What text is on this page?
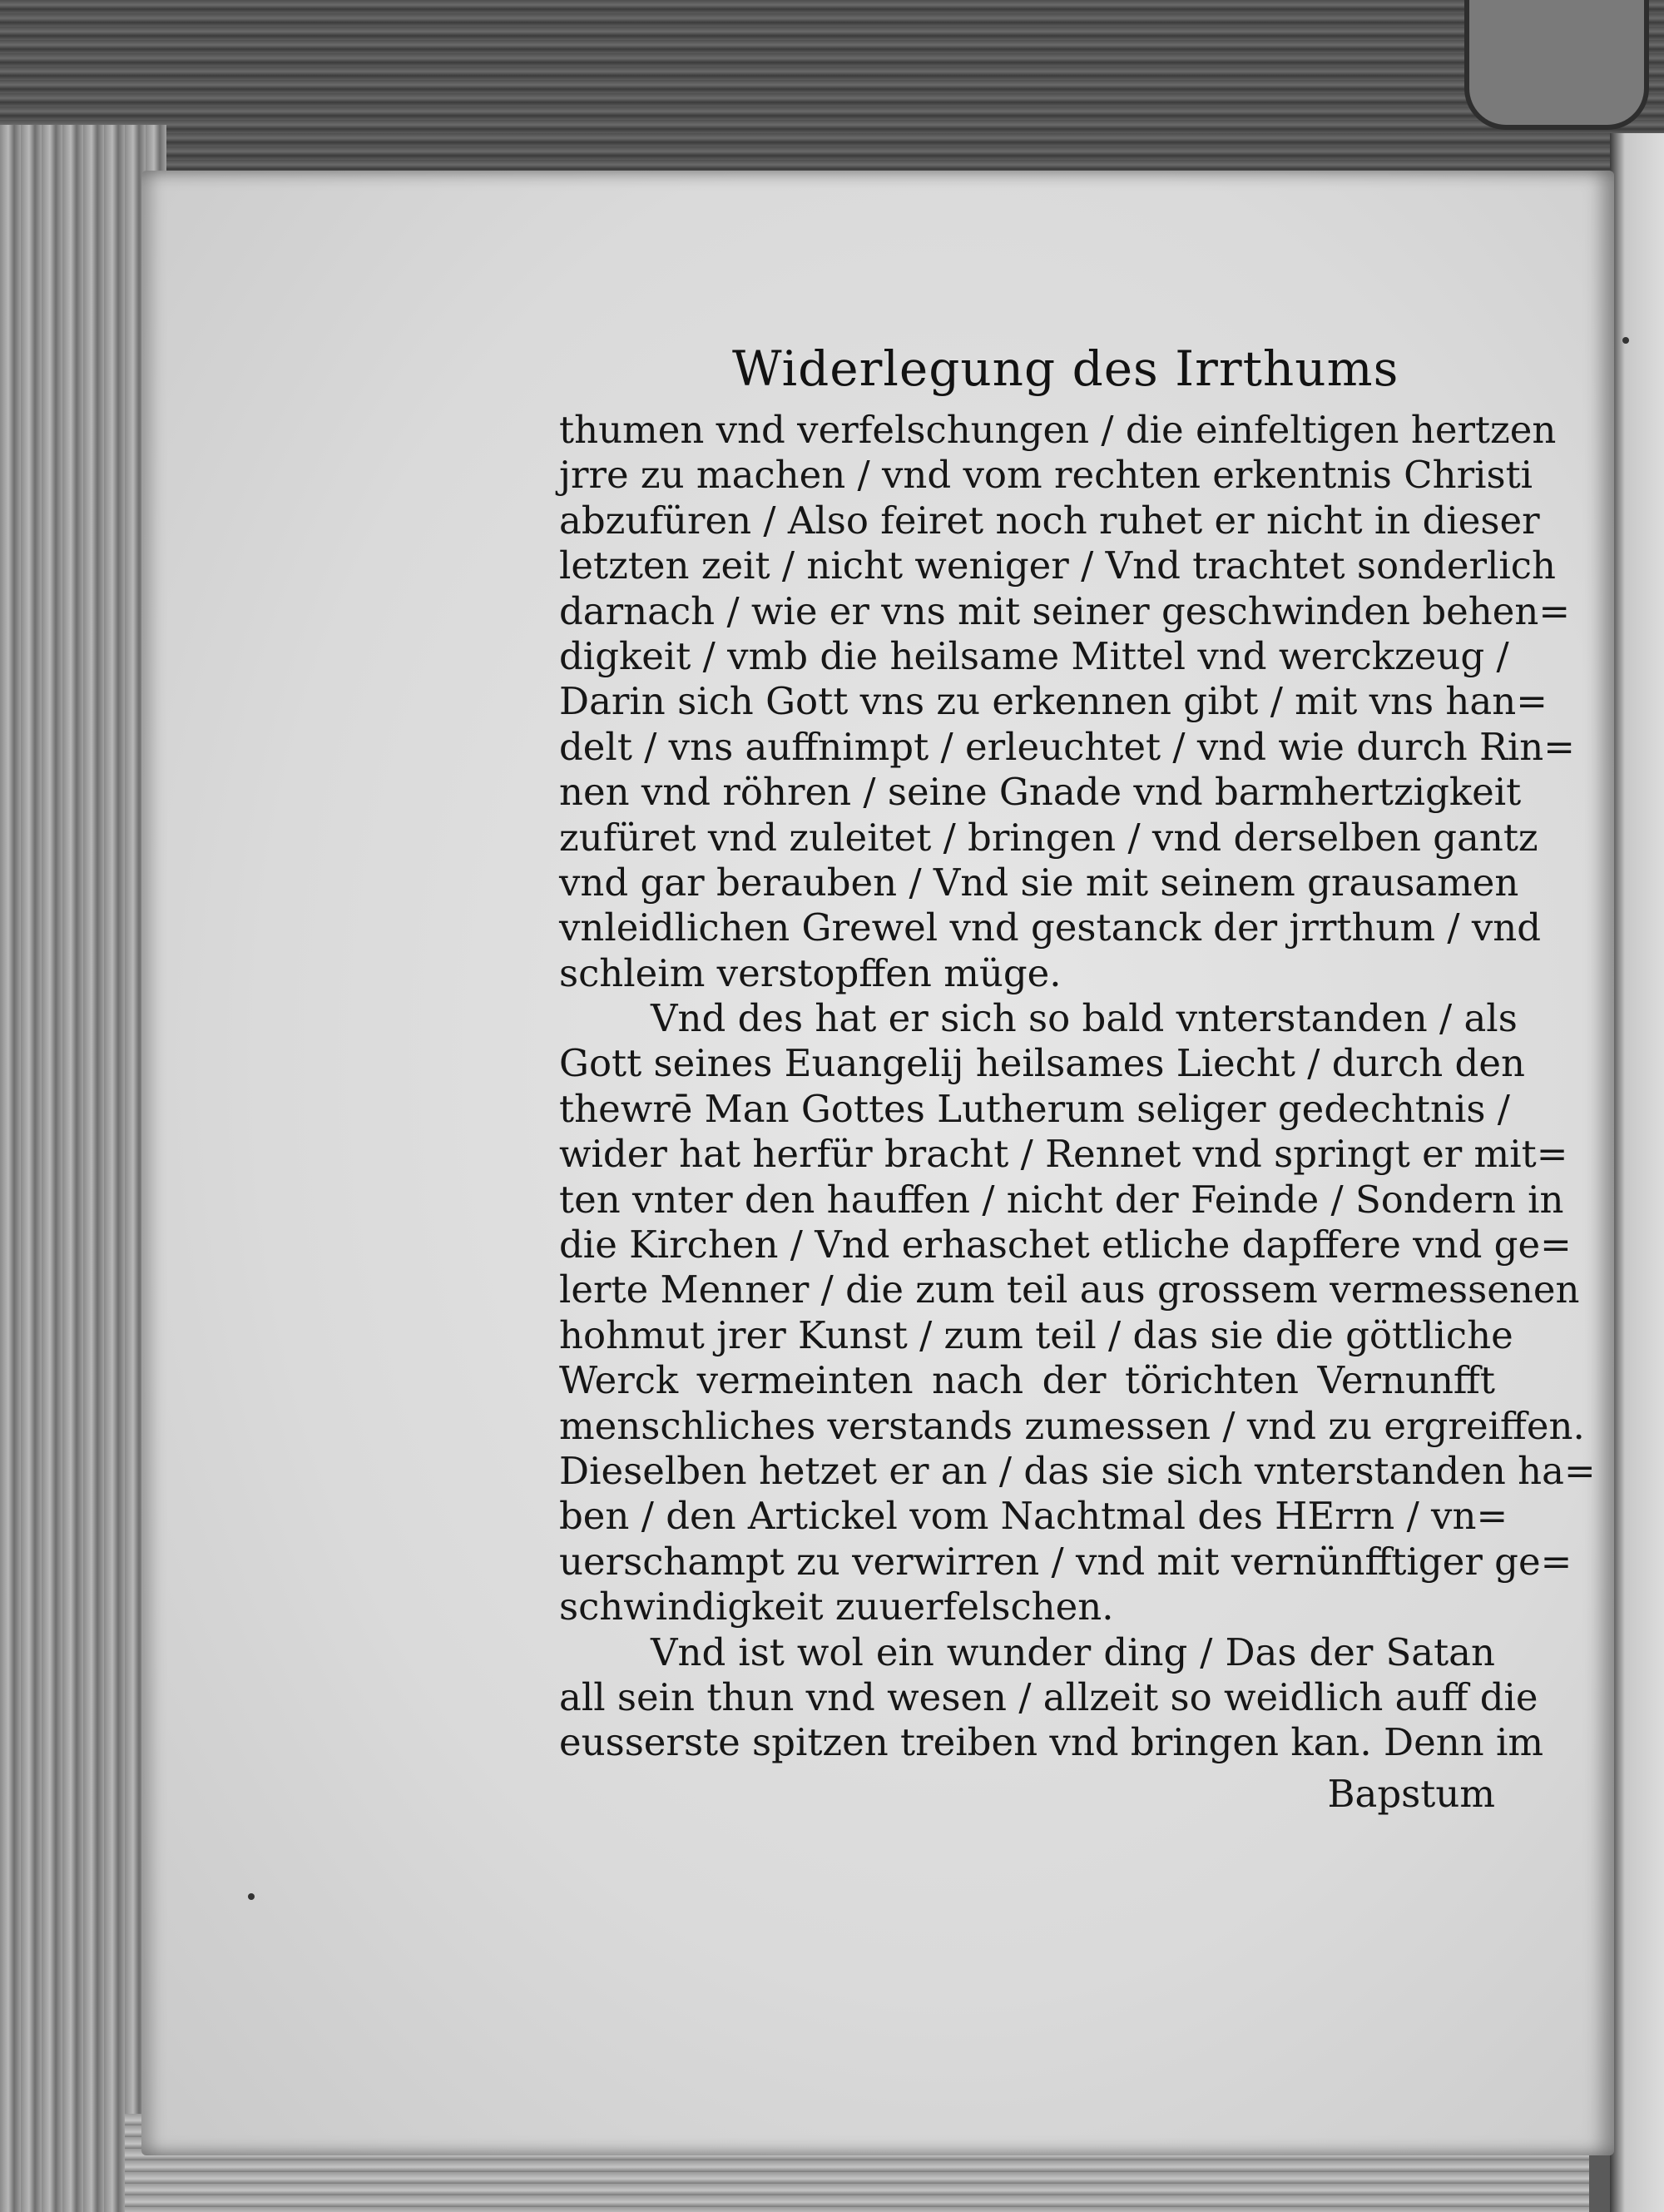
Widerlegung des Irrthums
thumen vnd verfelschungen / die einfeltigen hertzen
jrre zu machen / vnd vom rechten erkentnis Christi
abzufüren / Also feiret noch ruhet er nicht in dieser
letzten zeit / nicht weniger / Vnd trachtet sonderlich
darnach / wie er vns mit seiner geschwinden behen=
digkeit / vmb die heilsame Mittel vnd werckzeug /
Darin sich Gott vns zu erkennen gibt / mit vns han=
delt / vns auffnimpt / erleuchtet / vnd wie durch Rin=
nen vnd röhren / seine Gnade vnd barmhertzigkeit
zufüret vnd zuleitet / bringen / vnd derselben gantz
vnd gar berauben / Vnd sie mit seinem grausamen
vnleidlichen Grewel vnd gestanck der jrrthum / vnd
schleim verstopffen müge.
Vnd des hat er sich so bald vnterstanden / als
Gott seines Euangelij heilsames Liecht / durch den
thewrē Man Gottes Lutherum seliger gedechtnis /
wider hat herfür bracht / Rennet vnd springt er mit=
ten vnter den hauffen / nicht der Feinde / Sondern in
die Kirchen / Vnd erhaschet etliche dapffere vnd ge=
lerte Menner / die zum teil aus grossem vermessenen
hohmut jrer Kunst / zum teil / das sie die göttliche
Werck vermeinten nach der törichten Vernunfft
menschliches verstands zumessen / vnd zu ergreiffen.
Dieselben hetzet er an / das sie sich vnterstanden ha=
ben / den Artickel vom Nachtmal des HErrn / vn=
uerschampt zu verwirren / vnd mit vernünfftiger ge=
schwindigkeit zuuerfelschen.
Vnd ist wol ein wunder ding / Das der Satan
all sein thun vnd wesen / allzeit so weidlich auff die
eusserste spitzen treiben vnd bringen kan. Denn im
Bapstum
